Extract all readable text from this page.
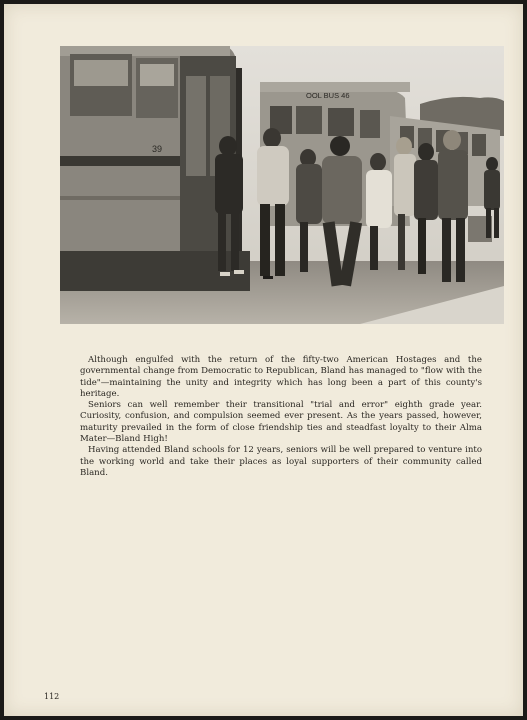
OOL BUS 46
39

Although engulfed with the return of the fifty-two American Hostages and the governmental change from Democratic to Republican, Bland has managed to "flow with the tide"—maintaining the unity and integrity which has long been a part of this county's heritage.

Seniors can well remember their transitional "trial and error" eighth grade year. Curiosity, confusion, and compulsion seemed ever present. As the years passed, however, maturity prevailed in the form of close friendship ties and steadfast loyalty to their Alma Mater—Bland High!

Having attended Bland schools for 12 years, seniors will be well prepared to venture into the working world and take their places as loyal supporters of their community called Bland.

112
